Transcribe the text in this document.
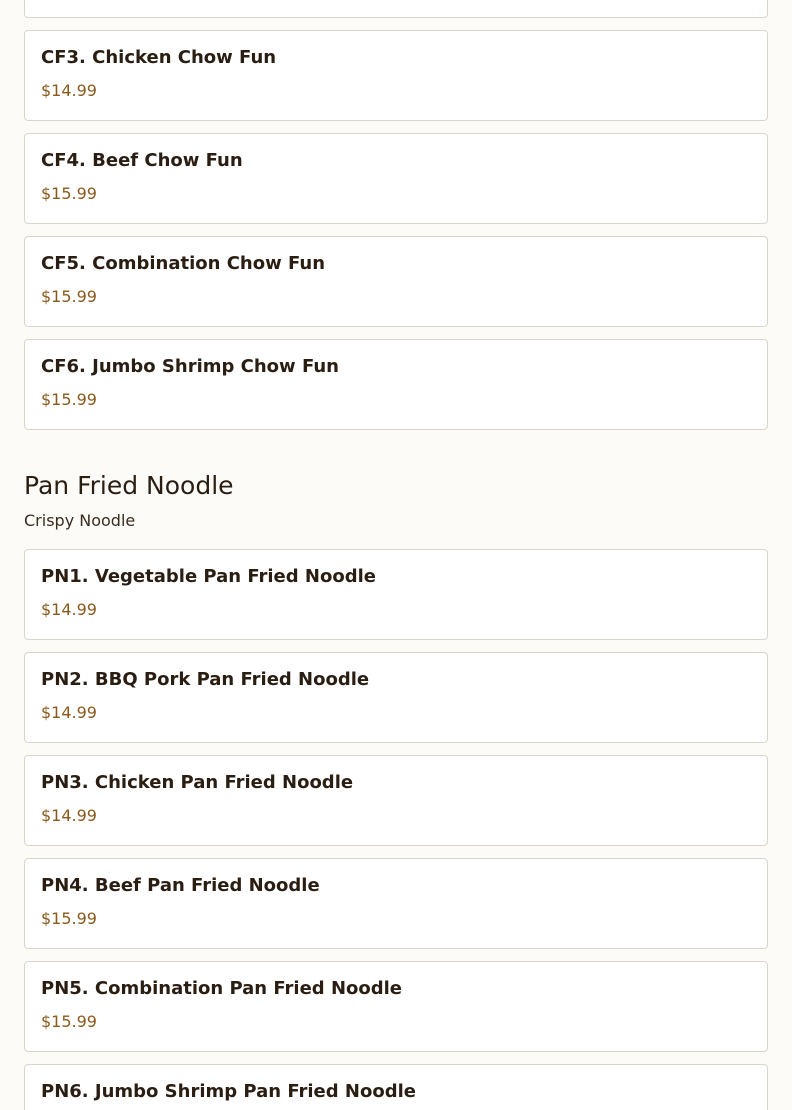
CF3. Chicken Chow Fun
$14.99
CF4. Beef Chow Fun
$15.99
CF5. Combination Chow Fun
$15.99
CF6. Jumbo Shrimp Chow Fun
$15.99
Pan Fried Noodle
Crispy Noodle
PN1. Vegetable Pan Fried Noodle
$14.99
PN2. BBQ Pork Pan Fried Noodle
$14.99
PN3. Chicken Pan Fried Noodle
$14.99
PN4. Beef Pan Fried Noodle
$15.99
PN5. Combination Pan Fried Noodle
$15.99
PN6. Jumbo Shrimp Pan Fried Noodle
